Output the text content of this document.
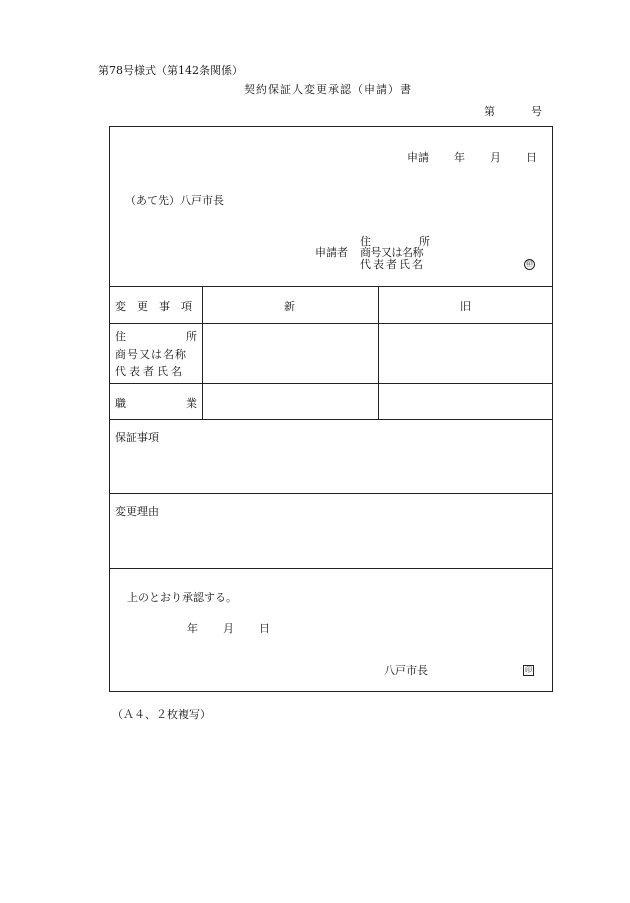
第78号様式（第142条関係）
契約保証人変更承認（申請）書
第	号
申請 年 月 日
（あて先）八戸市長
住	所
申請者 商号又は名称
代表者氏名	㊞
変　更　事　項	新	旧
住	所
商号又は名称
代表者氏名
職	業
保証事項
変更理由
上のとおり承認する。
年 月 日
八戸市長	印
（Ａ４、２枚複写）
